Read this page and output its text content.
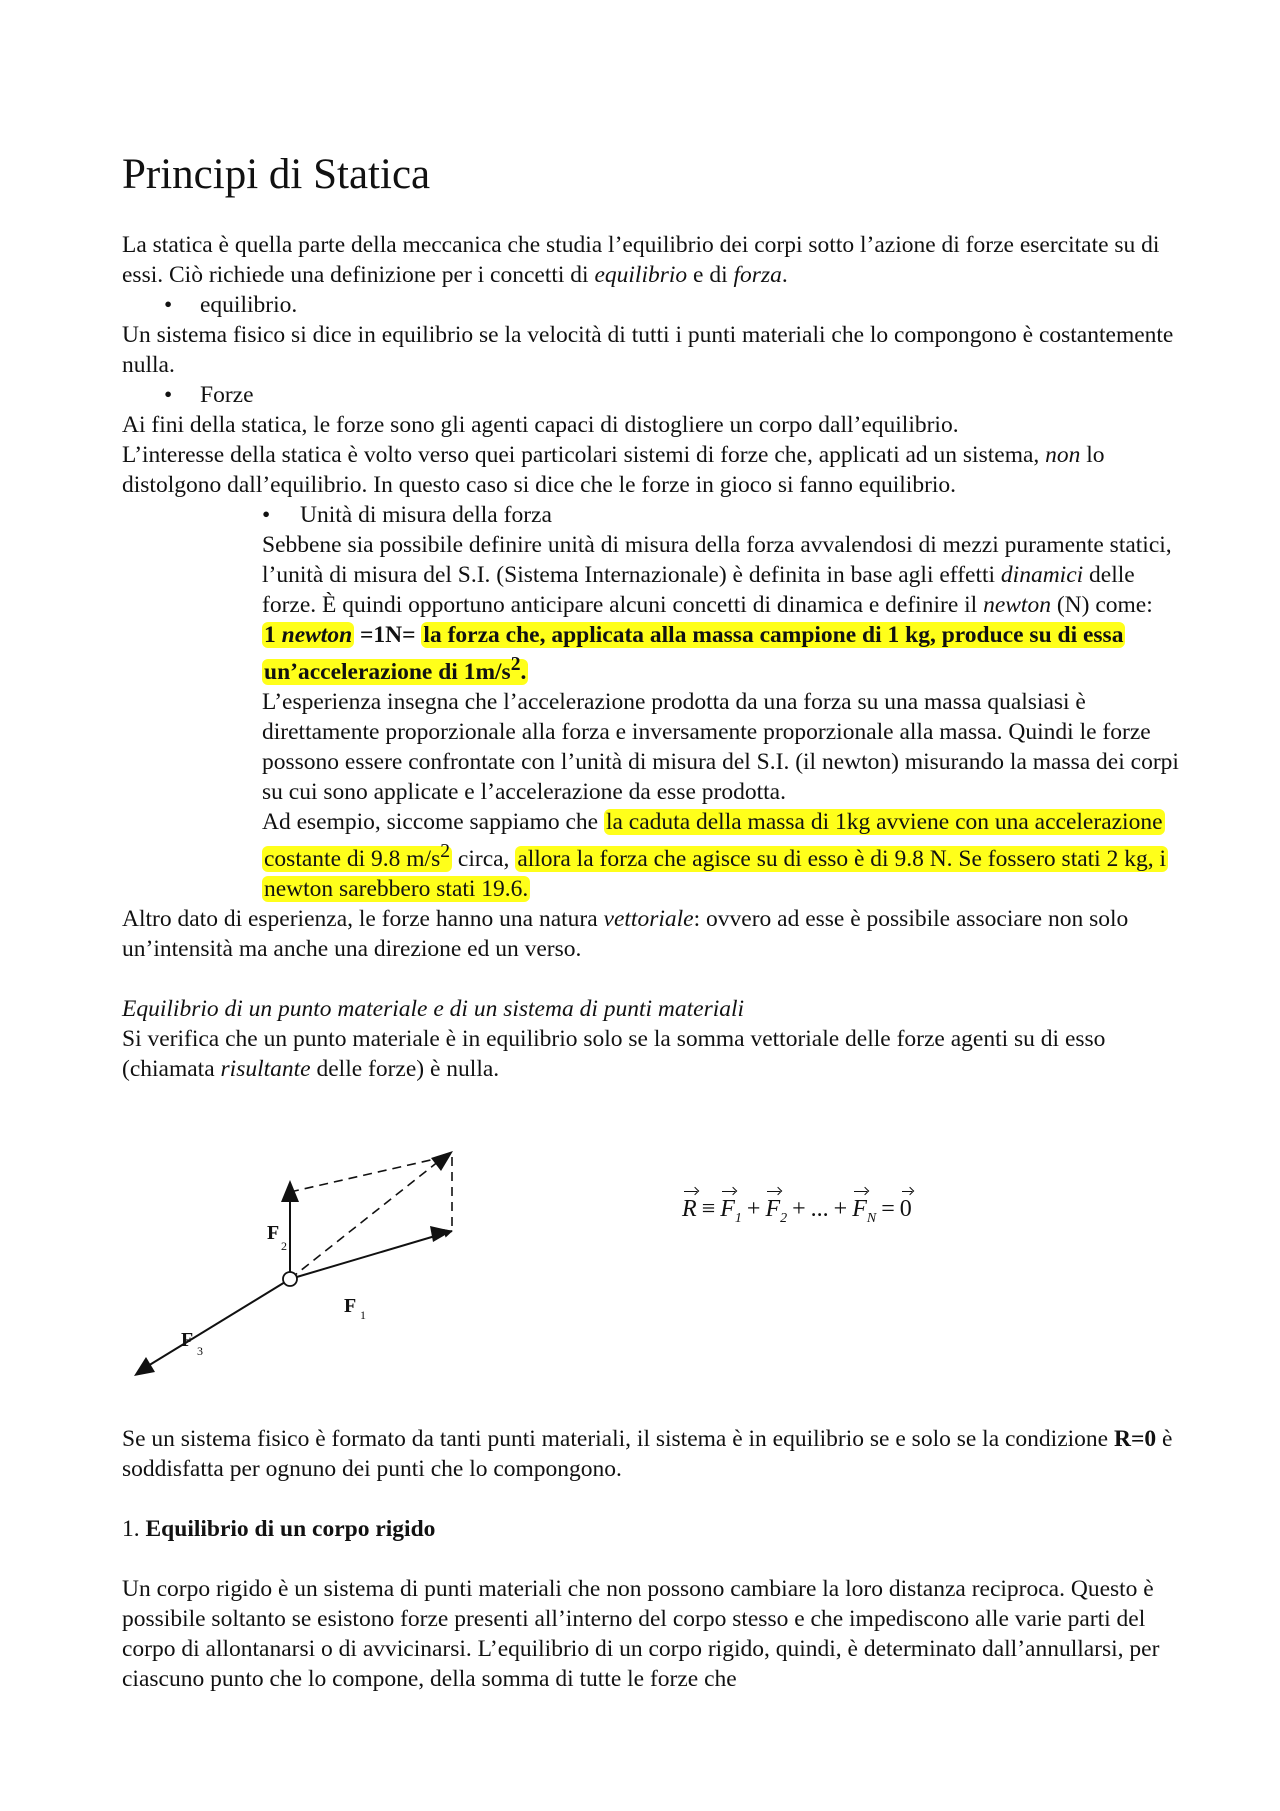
Principi di Statica

La statica è quella parte della meccanica che studia l’equilibrio dei corpi sotto l’azione di forze esercitate su di essi. Ciò richiede una definizione per i concetti di equilibrio e di forza.

• equilibrio.

Un sistema fisico si dice in equilibrio se la velocità di tutti i punti materiali che lo compongono è costantemente nulla.

• Forze

Ai fini della statica, le forze sono gli agenti capaci di distogliere un corpo dall’equilibrio.

L’interesse della statica è volto verso quei particolari sistemi di forze che, applicati ad un sistema, non lo distolgono dall’equilibrio. In questo caso si dice che le forze in gioco si fanno equilibrio.

• Unità di misura della forza

Sebbene sia possibile definire unità di misura della forza avvalendosi di mezzi puramente statici, l’unità di misura del S.I. (Sistema Internazionale) è definita in base agli effetti dinamici delle forze. È quindi opportuno anticipare alcuni concetti di dinamica e definire il newton (N) come:

1 newton =1N= la forza che, applicata alla massa campione di 1 kg, produce su di essa un’accelerazione di $1m/s^2$.

L’esperienza insegna che l’accelerazione prodotta da una forza su una massa qualsiasi è direttamente proporzionale alla forza e inversamente proporzionale alla massa. Quindi le forze possono essere confrontate con l’unità di misura del S.I. (il newton) misurando la massa dei corpi su cui sono applicate e l’accelerazione da esse prodotta.

Ad esempio, siccome sappiamo che la caduta della massa di 1kg avviene con una accelerazione costante di 9.8 $m/s^2$ circa, allora la forza che agisce su di esso è di 9.8 N. Se fossero stati 2 kg, i newton sarebbero stati 19.6.

Altro dato di esperienza, le forze hanno una natura vettoriale: ovvero ad esse è possibile associare non solo un’intensità ma anche una direzione ed un verso.

Equilibrio di un punto materiale e di un sistema di punti materiali

Si verifica che un punto materiale è in equilibrio solo se la somma vettoriale delle forze agenti su di esso (chiamata risultante delle forze) è nulla.

F 1
F
2
F 3
$R \equiv F_1 + F_2$ + ... + $F_N = 0$

Se un sistema fisico è formato da tanti punti materiali, il sistema è in equilibrio se e solo se la condizione R=0 è soddisfatta per ognuno dei punti che lo compongono.

1. Equilibrio di un corpo rigido

Un corpo rigido è un sistema di punti materiali che non possono cambiare la loro distanza reciproca. Questo è possibile soltanto se esistono forze presenti all’interno del corpo stesso e che impediscono alle varie parti del corpo di allontanarsi o di avvicinarsi. L’equilibrio di un corpo rigido, quindi, è determinato dall’annullarsi, per ciascuno punto che lo compone, della somma di tutte le forze che
